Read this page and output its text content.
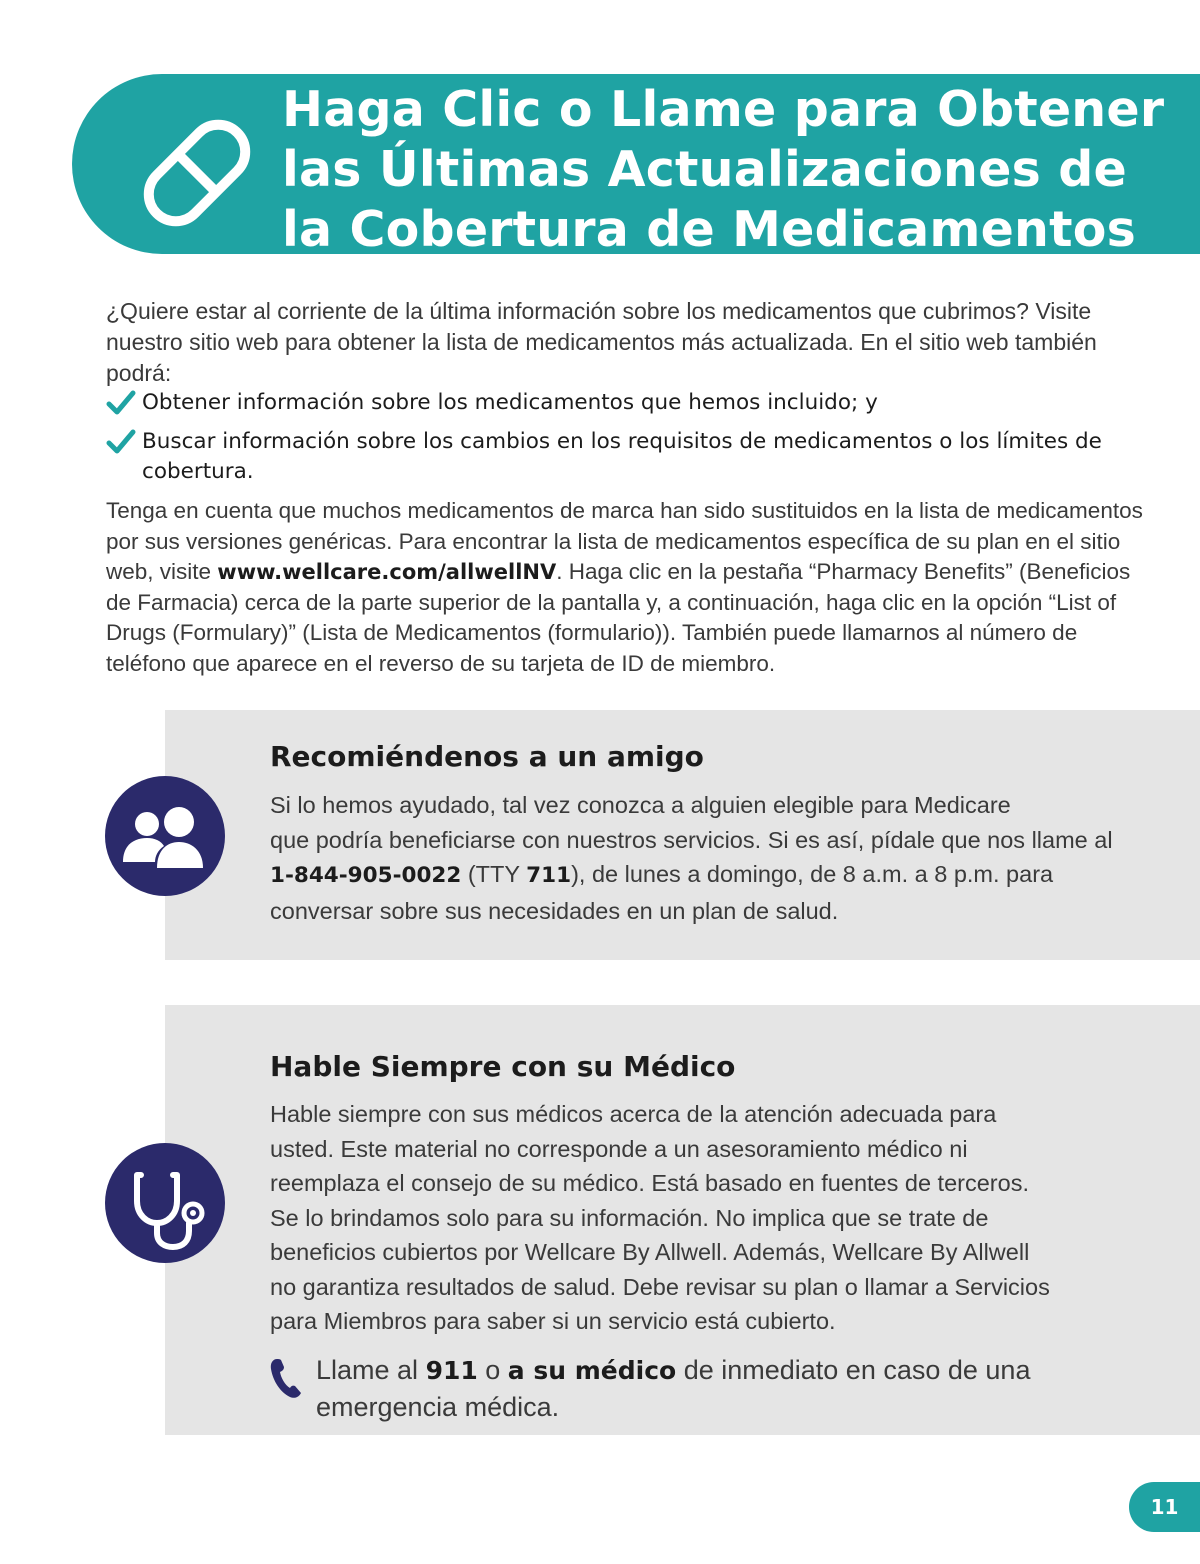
Haga Clic o Llame para Obtener
las Últimas Actualizaciones de
la Cobertura de Medicamentos
¿Quiere estar al corriente de la última información sobre los medicamentos que cubrimos? Visite nuestro sitio web para obtener la lista de medicamentos más actualizada. En el sitio web también podrá:
Obtener información sobre los medicamentos que hemos incluido; y
Buscar información sobre los cambios en los requisitos de medicamentos o los límites de cobertura.
Tenga en cuenta que muchos medicamentos de marca han sido sustituidos en la lista de medicamentos por sus versiones genéricas. Para encontrar la lista de medicamentos específica de su plan en el sitio web, visite www.wellcare.com/allwellNV. Haga clic en la pestaña “Pharmacy Benefits” (Beneficios de Farmacia) cerca de la parte superior de la pantalla y, a continuación, haga clic en la opción “List of Drugs (Formulary)” (Lista de Medicamentos (formulario)). También puede llamarnos al número de teléfono que aparece en el reverso de su tarjeta de ID de miembro.
Recomiéndenos a un amigo
Si lo hemos ayudado, tal vez conozca a alguien elegible para Medicare
que podría beneficiarse con nuestros servicios. Si es así, pídale que nos llame al
1-844-905-0022 (TTY 711), de lunes a domingo, de 8 a.m. a 8 p.m. para
conversar sobre sus necesidades en un plan de salud.
Hable Siempre con su Médico
Hable siempre con sus médicos acerca de la atención adecuada para
usted. Este material no corresponde a un asesoramiento médico ni
reemplaza el consejo de su médico. Está basado en fuentes de terceros.
Se lo brindamos solo para su información. No implica que se trate de
beneficios cubiertos por Wellcare By Allwell. Además, Wellcare By Allwell
no garantiza resultados de salud. Debe revisar su plan o llamar a Servicios
para Miembros para saber si un servicio está cubierto.
Llame al 911 o a su médico de inmediato en caso de una emergencia médica.
11
